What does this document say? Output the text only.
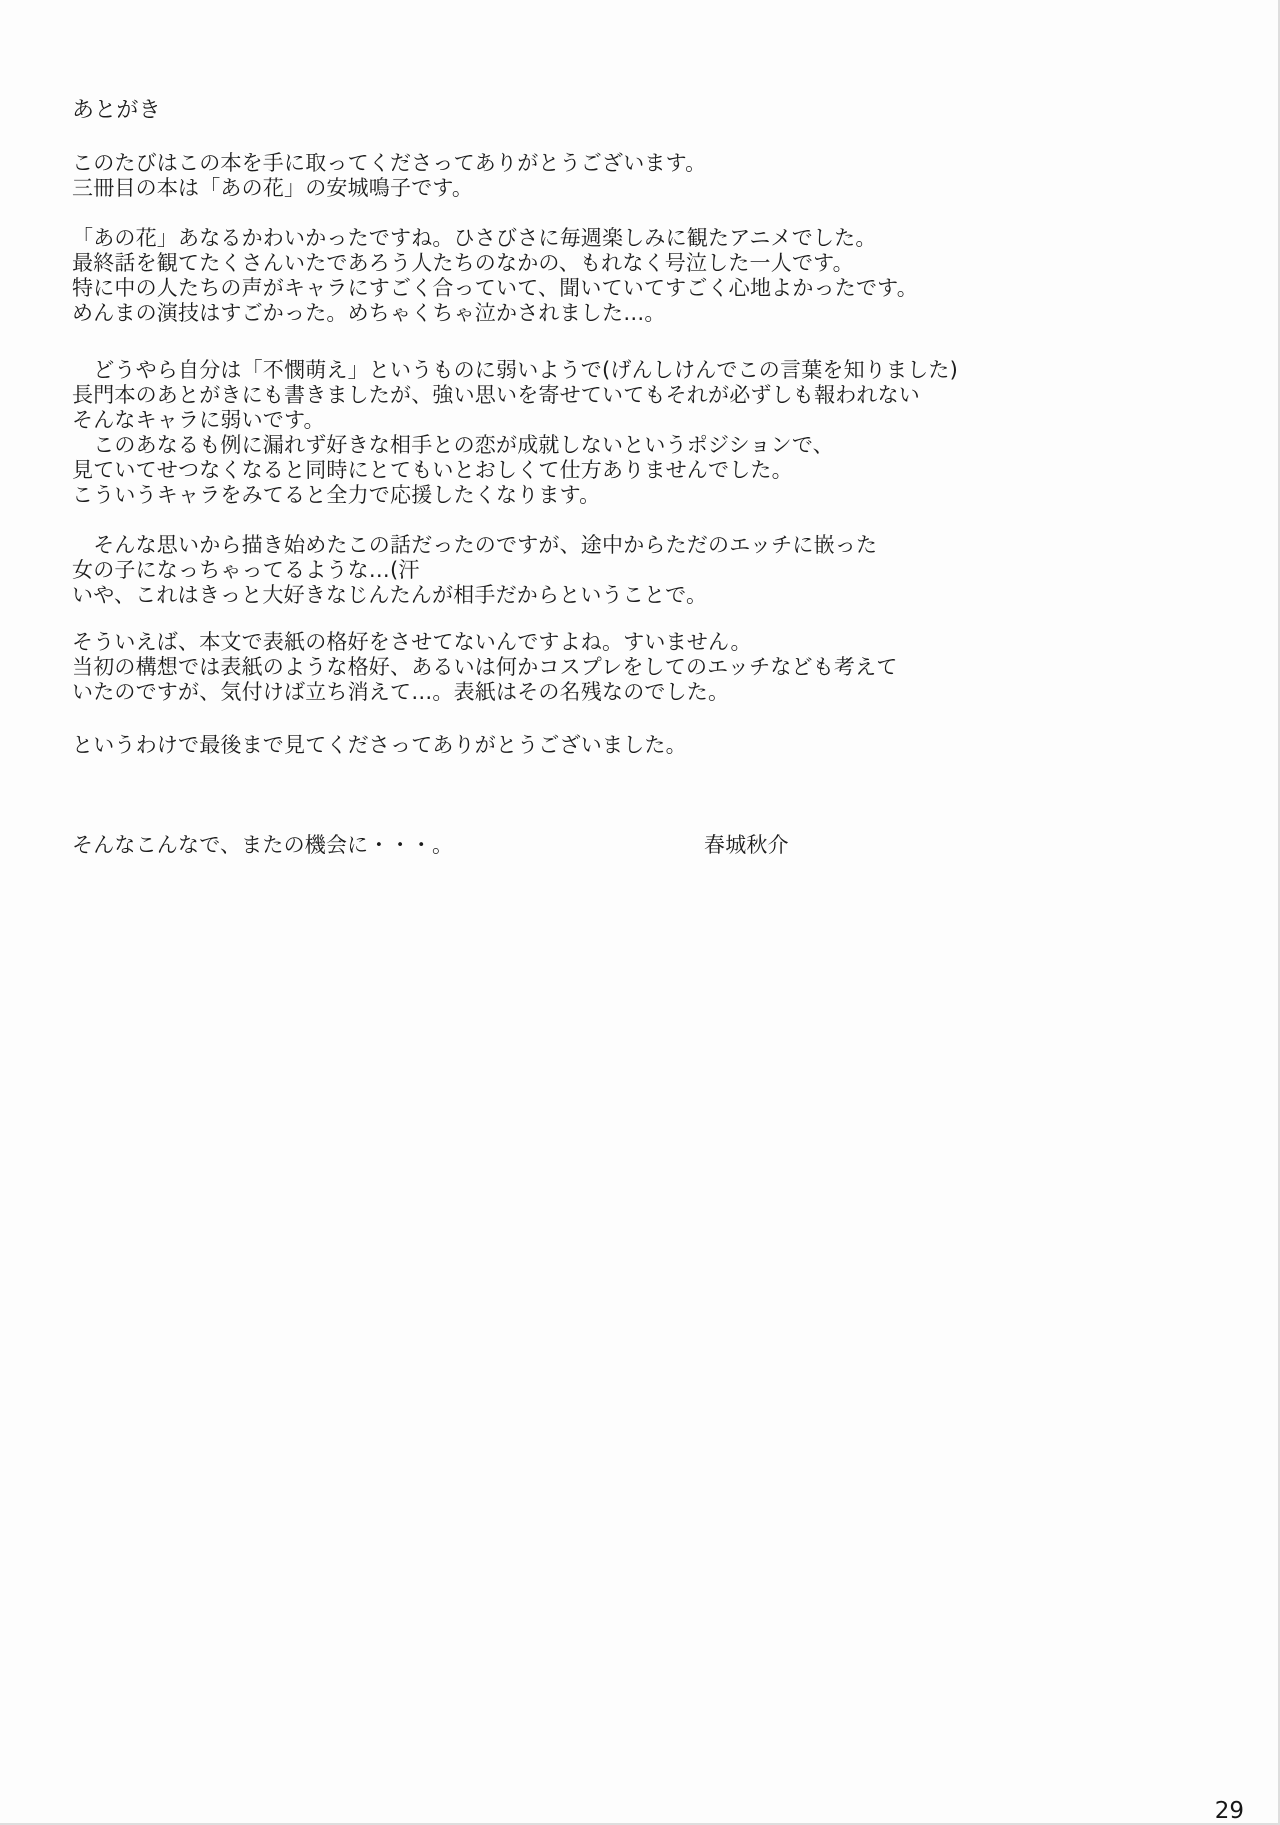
あとがき
このたびはこの本を手に取ってくださってありがとうございます。
三冊目の本は「あの花」の安城鳴子です。
「あの花」あなるかわいかったですね。ひさびさに毎週楽しみに観たアニメでした。
最終話を観てたくさんいたであろう人たちのなかの、もれなく号泣した一人です。
特に中の人たちの声がキャラにすごく合っていて、聞いていてすごく心地よかったです。
めんまの演技はすごかった。めちゃくちゃ泣かされました…。
　どうやら自分は「不憫萌え」というものに弱いようで(げんしけんでこの言葉を知りました)
長門本のあとがきにも書きましたが、強い思いを寄せていてもそれが必ずしも報われない
そんなキャラに弱いです。
　このあなるも例に漏れず好きな相手との恋が成就しないというポジションで、
見ていてせつなくなると同時にとてもいとおしくて仕方ありませんでした。
こういうキャラをみてると全力で応援したくなります。
　そんな思いから描き始めたこの話だったのですが、途中からただのエッチに嵌った
女の子になっちゃってるような…(汗
いや、これはきっと大好きなじんたんが相手だからということで。
そういえば、本文で表紙の格好をさせてないんですよね。すいません。
当初の構想では表紙のような格好、あるいは何かコスプレをしてのエッチなども考えて
いたのですが、気付けば立ち消えて…。表紙はその名残なのでした。
というわけで最後まで見てくださってありがとうございました。
そんなこんなで、またの機会に・・・。	春城秋介
29
